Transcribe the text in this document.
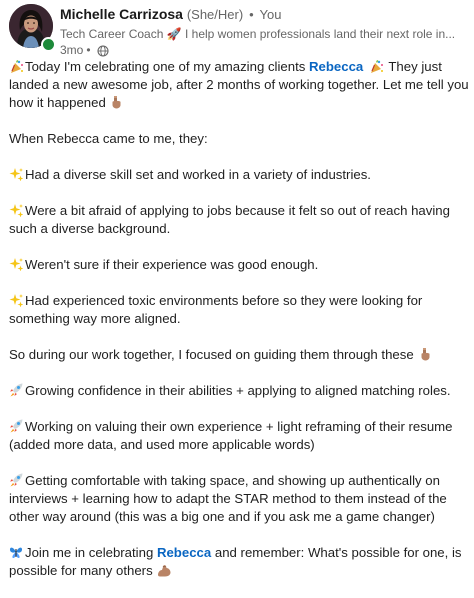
Michelle Carrizosa (She/Her) • You
Tech Career Coach 🚀 I help women professionals land their next role in...
3mo •

Today I'm celebrating one of my amazing clients Rebecca  They just landed a new awesome job, after 2 months of working together. Let me tell you how it happened

When Rebecca came to me, they:

Had a diverse skill set and worked in a variety of industries.

Were a bit afraid of applying to jobs because it felt so out of reach having such a diverse background.

Weren't sure if their experience was good enough.

Had experienced toxic environments before so they were looking for something way more aligned.

So during our work together, I focused on guiding them through these

Growing confidence in their abilities + applying to aligned matching roles.

Working on valuing their own experience + light reframing of their resume (added more data, and used more applicable words)

Getting comfortable with taking space, and showing up authentically on interviews + learning how to adapt the STAR method to them instead of the other way around (this was a big one and if you ask me a game changer)

Join me in celebrating Rebecca and remember: What's possible for one, is possible for many others
